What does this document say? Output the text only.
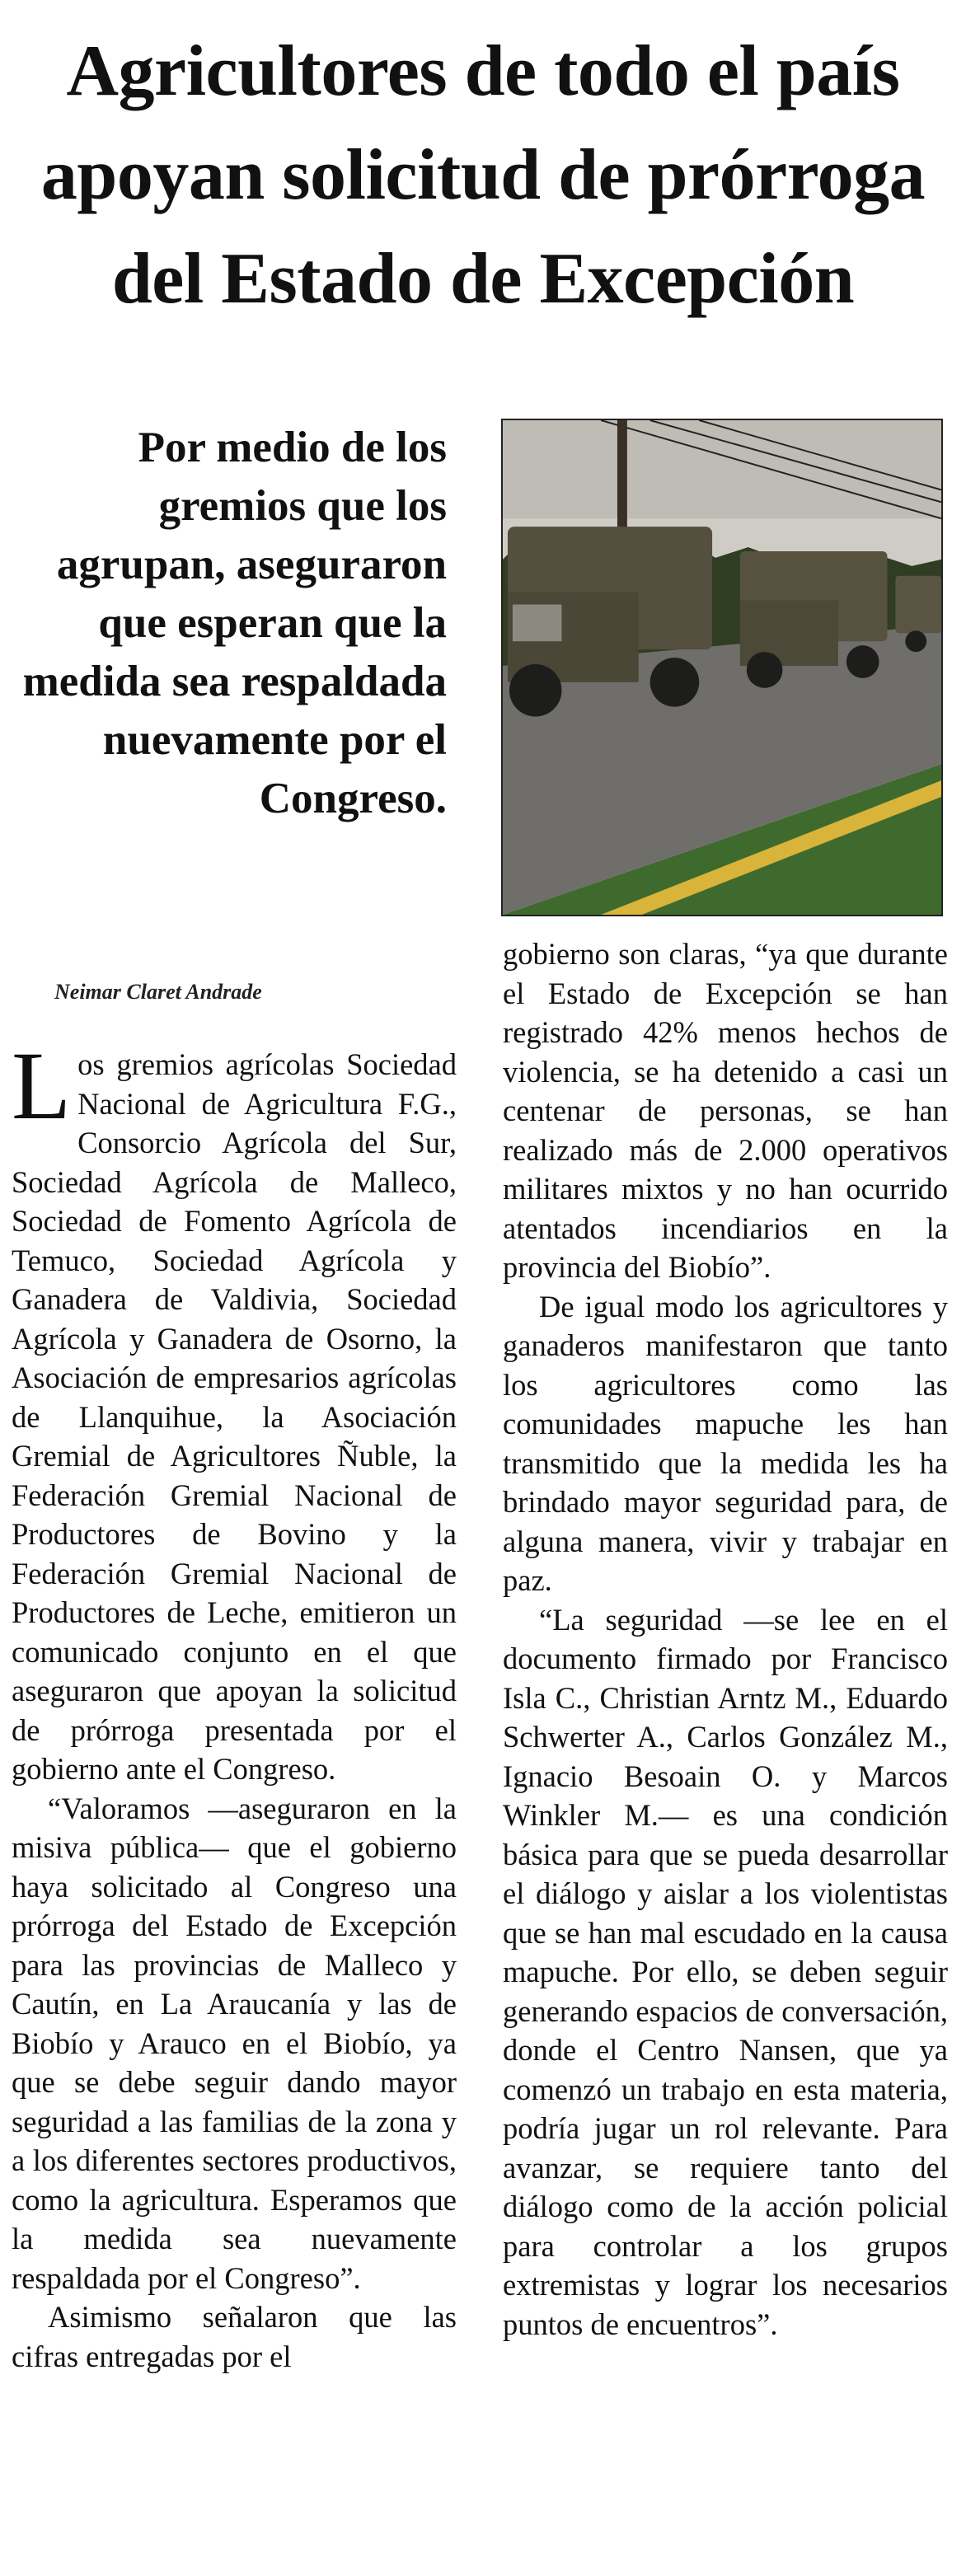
Agricultores de todo el país apoyan solicitud de prórroga del Estado de Excepción
Por medio de los gremios que los agrupan, aseguraron que esperan que la medida sea respaldada nuevamente por el Congreso.
Neimar Claret Andrade

Los gremios agrícolas Sociedad Nacional de Agricultura F.G., Consorcio Agrícola del Sur, Sociedad Agrícola de Malleco, Sociedad de Fomento Agrícola de Temuco, Sociedad Agrícola y Ganadera de Valdivia, Sociedad Agrícola y Ganadera de Osorno, la Asociación de empresarios agrícolas de Llanquihue, la Asociación Gremial de Agricultores Ñuble, la Federación Gremial Nacional de Productores de Bovino y la Federación Gremial Nacional de Productores de Leche, emitieron un comunicado conjunto en el que aseguraron que apoyan la solicitud de prórroga presentada por el gobierno ante el Congreso.

“Valoramos —aseguraron en la misiva pública— que el gobierno haya solicitado al Congreso una prórroga del Estado de Excepción para las provincias de Malleco y Cautín, en La Araucanía y las de Biobío y Arauco en el Biobío, ya que se debe seguir dando mayor seguridad a las familias de la zona y a los diferentes sectores productivos, como la agricultura. Esperamos que la medida sea nuevamente respaldada por el Congreso”.

Asimismo señalaron que las cifras entregadas por el

gobierno son claras, “ya que durante el Estado de Excepción se han registrado 42% menos hechos de violencia, se ha detenido a casi un centenar de personas, se han realizado más de 2.000 operativos militares mixtos y no han ocurrido atentados incendiarios en la provincia del Biobío”.

De igual modo los agricultores y ganaderos manifestaron que tanto los agricultores como las comunidades mapuche les han transmitido que la medida les ha brindado mayor seguridad para, de alguna manera, vivir y trabajar en paz.

“La seguridad —se lee en el documento firmado por Francisco Isla C., Christian Arntz M., Eduardo Schwerter A., Carlos González M., Ignacio Besoain O. y Marcos Winkler M.— es una condición básica para que se pueda desarrollar el diálogo y aislar a los violentistas que se han mal escudado en la causa mapuche. Por ello, se deben seguir generando espacios de conversación, donde el Centro Nansen, que ya comenzó un trabajo en esta materia, podría jugar un rol relevante. Para avanzar, se requiere tanto del diálogo como de la acción policial para controlar a los grupos extremistas y lograr los necesarios puntos de encuentros”.
